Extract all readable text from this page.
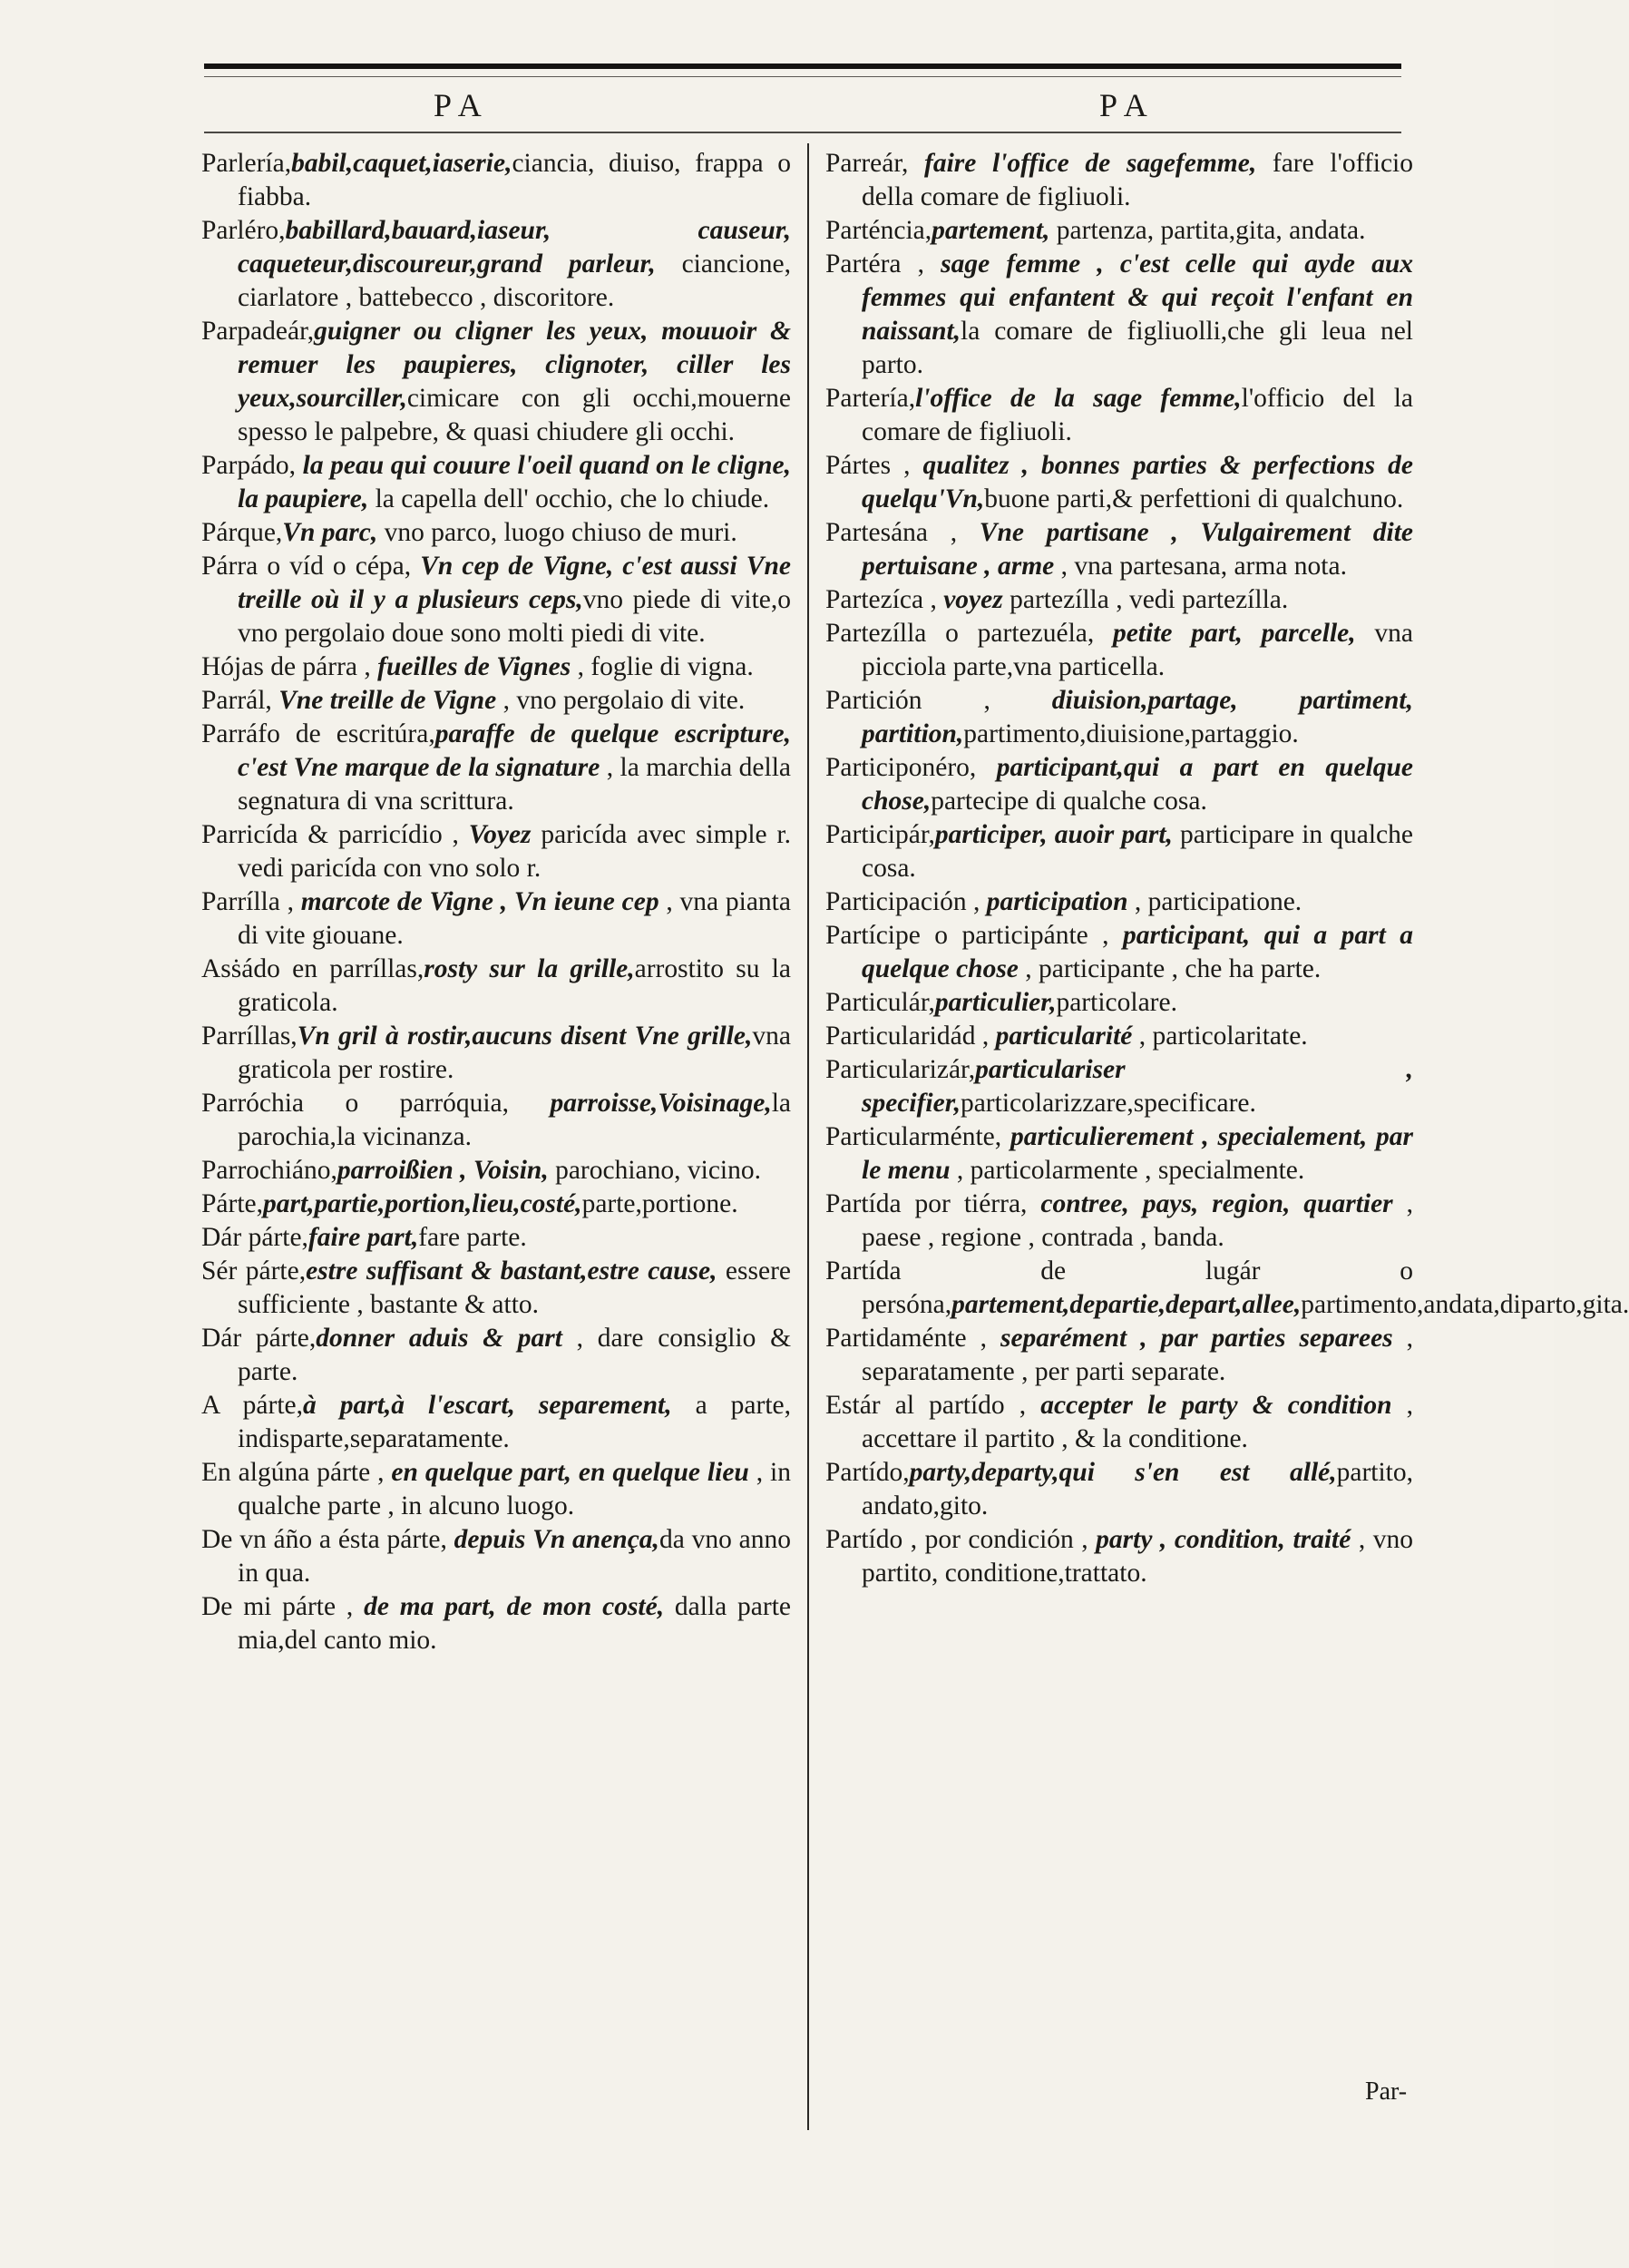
PA	PA

Parlería,babil,caquet,iaserie,ciancia, diuiso, frappa o fiabba.

Parléro,babillard,bauard,iaseur, causeur, caqueteur,discoureur,grand parleur, ciancione, ciarlatore , battebecco , discoritore.

Parpadeár,guigner ou cligner les yeux, mouuoir & remuer les paupieres, clignoter, ciller les yeux,sourciller,cimicare con gli occhi,mouerne spesso le palpebre, & quasi chiudere gli occhi.

Parpádo, la peau qui couure l'oeil quand on le cligne, la paupiere, la capella dell' occhio, che lo chiude.

Párque,Vn parc, vno parco, luogo chiuso de muri.

Párra o víd o cépa, Vn cep de Vigne, c'est aussi Vne treille où il y a plusieurs ceps,vno piede di vite,o vno pergolaio doue sono molti piedi di vite.

Hójas de párra , fueilles de Vignes , foglie di vigna.

Parrál, Vne treille de Vigne , vno pergolaio di vite.

Parráfo de escritúra,paraffe de quelque escripture, c'est Vne marque de la signature , la marchia della segnatura di vna scrittura.

Parricída & parricídio , Voyez paricída avec simple r. vedi paricída con vno solo r.

Parrílla , marcote de Vigne , Vn ieune cep , vna pianta di vite giouane.

Asṡádo en parríllas,rosty sur la grille,arrostito su la graticola.

Parríllas,Vn gril à rostir,aucuns disent Vne grille,vna graticola per rostire.

Parróchia o parróquia, parroisse,Voisinage,la parochia,la vicinanza.

Parrochiáno,parroißien , Voisin, parochiano, vicino.

Párte,part,partie,portion,lieu,costé,parte,portione.

Dár párte,faire part,fare parte.

Sér párte,estre suffisant & bastant,estre cause, essere sufficiente , bastante & atto.

Dár párte,donner aduis & part , dare consiglio & parte.

A párte,à part,à l'escart, separement, a parte, indisparte,separatamente.

En algúna párte , en quelque part, en quelque lieu , in qualche parte , in alcuno luogo.

De vn áño a ésta párte, depuis Vn anença,da vno anno in qua.

De mi párte , de ma part, de mon costé, dalla parte mia,del canto mio.

Parreár, faire l'office de sagefemme, fare l'officio della comare de figliuoli.

Parténcia,partement, partenza, partita,gita, andata.

Partéra , sage femme , c'est celle qui ayde aux femmes qui enfantent & qui reçoit l'enfant en naissant,la comare de figliuolli,che gli leua nel parto.

Partería,l'office de la sage femme,l'officio del la comare de figliuoli.

Pártes , qualitez , bonnes parties & perfections de quelqu'Vn,buone parti,& perfettioni di qualchuno.

Partesána , Vne partisane , Vulgairement dite pertuisane , arme , vna partesana, arma nota.

Partezíca , voyez partezílla , vedi partezílla.

Partezílla o partezuéla, petite part, parcelle, vna picciola parte,vna particella.

Partición , diuision,partage, partiment, partition,partimento,diuisione,partaggio.

Participonéro, participant,qui a part en quelque chose,partecipe di qualche cosa.

Participár,participer, auoir part, participare in qualche cosa.

Participación , participation , participatione.

Partícipe o participánte , participant, qui a part a quelque chose , participante , che ha parte.

Particulár,particulier,particolare.

Particularidád , particularité , particolaritate.

Particularizár,particulariser , specifier,particolarizzare,specificare.

Particularménte, particulierement , specialement, par le menu , particolarmente , specialmente.

Partída por tiérra, contree, pays, region, quartier , paese , regione , contrada , banda.

Partída de lugár o persóna,partement,departie,depart,allee,partimento,andata,diparto,gita.

Partidaménte , separément , par parties separees , separatamente , per parti separate.

Estár al partído , accepter le party & condition , accettare il partito , & la conditione.

Partído,party,departy,qui s'en est allé,partito, andato,gito.

Partído , por condición , party , condition, traité , vno partito, conditione,trattato.

Par-
